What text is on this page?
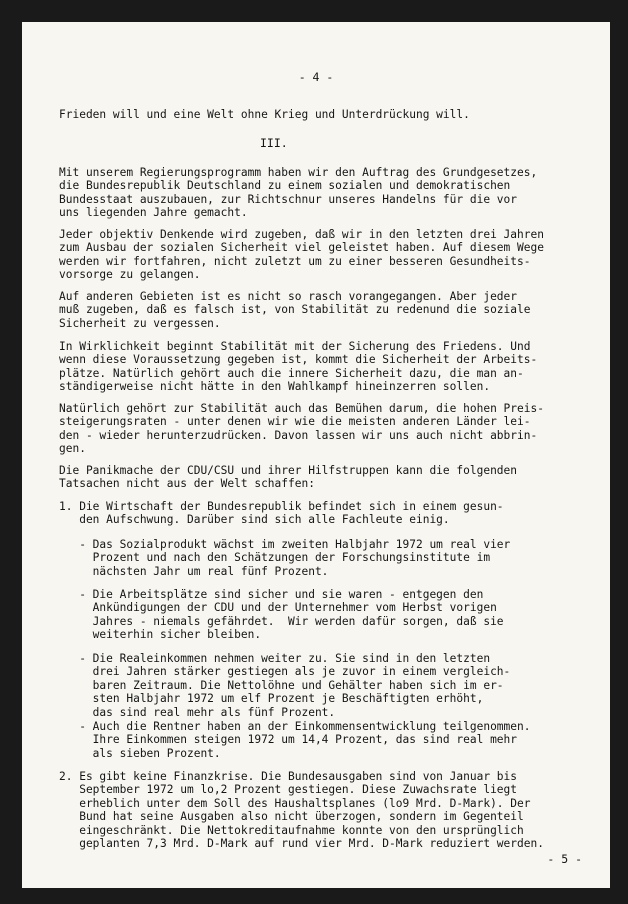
- 4 -
Frieden will und eine Welt ohne Krieg und Unterdrückung will.
III.
Mit unserem Regierungsprogramm haben wir den Auftrag des Grundgesetzes,
die Bundesrepublik Deutschland zu einem sozialen und demokratischen
Bundesstaat auszubauen, zur Richtschnur unseres Handelns für die vor
uns liegenden Jahre gemacht.
Jeder objektiv Denkende wird zugeben, daß wir in den letzten drei Jahren
zum Ausbau der sozialen Sicherheit viel geleistet haben. Auf diesem Wege
werden wir fortfahren, nicht zuletzt um zu einer besseren Gesundheits-
vorsorge zu gelangen.
Auf anderen Gebieten ist es nicht so rasch vorangegangen. Aber jeder
muß zugeben, daß es falsch ist, von Stabilität zu redenund die soziale
Sicherheit zu vergessen.
In Wirklichkeit beginnt Stabilität mit der Sicherung des Friedens. Und
wenn diese Voraussetzung gegeben ist, kommt die Sicherheit der Arbeits-
plätze. Natürlich gehört auch die innere Sicherheit dazu, die man an-
ständigerweise nicht hätte in den Wahlkampf hineinzerren sollen.
Natürlich gehört zur Stabilität auch das Bemühen darum, die hohen Preis-
steigerungsraten - unter denen wir wie die meisten anderen Länder lei-
den - wieder herunterzudrücken. Davon lassen wir uns auch nicht abbrin-
gen.
Die Panikmache der CDU/CSU und ihrer Hilfstruppen kann die folgenden
Tatsachen nicht aus der Welt schaffen:
1. Die Wirtschaft der Bundesrepublik befindet sich in einem gesun-
den Aufschwung. Darüber sind sich alle Fachleute einig.
- Das Sozialprodukt wächst im zweiten Halbjahr 1972 um real vier
Prozent und nach den Schätzungen der Forschungsinstitute im
nächsten Jahr um real fünf Prozent.
- Die Arbeitsplätze sind sicher und sie waren - entgegen den
Ankündigungen der CDU und der Unternehmer vom Herbst vorigen
Jahres - niemals gefährdet.  Wir werden dafür sorgen, daß sie
weiterhin sicher bleiben.
- Die Realeinkommen nehmen weiter zu. Sie sind in den letzten
drei Jahren stärker gestiegen als je zuvor in einem vergleich-
baren Zeitraum. Die Nettolöhne und Gehälter haben sich im er-
sten Halbjahr 1972 um elf Prozent je Beschäftigten erhöht,
das sind real mehr als fünf Prozent.
- Auch die Rentner haben an der Einkommensentwicklung teilgenommen.
Ihre Einkommen steigen 1972 um 14,4 Prozent, das sind real mehr
als sieben Prozent.
2. Es gibt keine Finanzkrise. Die Bundesausgaben sind von Januar bis
September 1972 um lo,2 Prozent gestiegen. Diese Zuwachsrate liegt
erheblich unter dem Soll des Haushaltsplanes (lo9 Mrd. D-Mark). Der
Bund hat seine Ausgaben also nicht überzogen, sondern im Gegenteil
eingeschränkt. Die Nettokreditaufnahme konnte von den ursprünglich
geplanten 7,3 Mrd. D-Mark auf rund vier Mrd. D-Mark reduziert werden.
- 5 -
